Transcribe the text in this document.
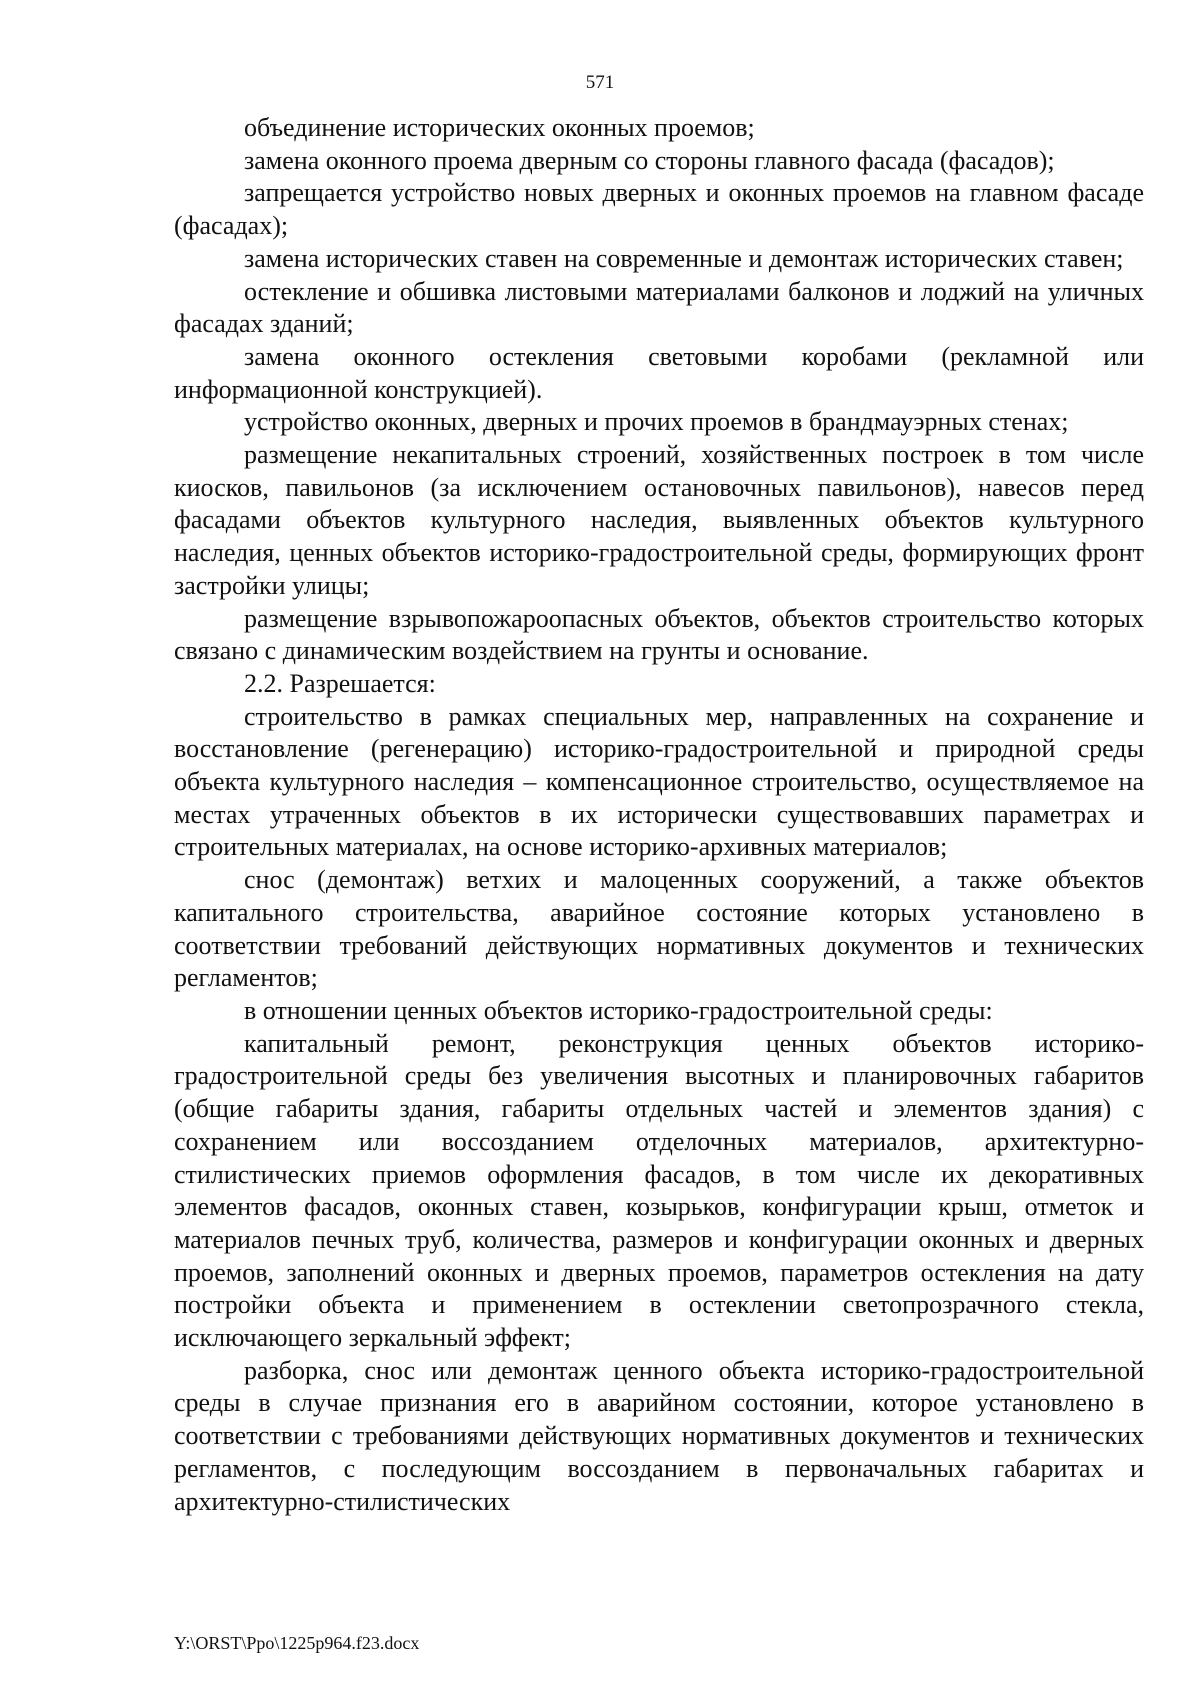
571

объединение исторических оконных проемов;

замена оконного проема дверным со стороны главного фасада (фасадов);

запрещается устройство новых дверных и оконных проемов на главном фасаде (фасадах);

замена исторических ставен на современные и демонтаж исторических ставен;

остекление и обшивка листовыми материалами балконов и лоджий на уличных фасадах зданий;

замена оконного остекления световыми коробами (рекламной или информационной конструкцией).

устройство оконных, дверных и прочих проемов в брандмауэрных стенах;

размещение некапитальных строений, хозяйственных построек в том числе киосков, павильонов (за исключением остановочных павильонов), навесов перед фасадами объектов культурного наследия, выявленных объектов культурного наследия, ценных объектов историко-градостроительной среды, формирующих фронт застройки улицы;

размещение взрывопожароопасных объектов, объектов строительство которых связано с динамическим воздействием на грунты и основание.

2.2. Разрешается:

строительство в рамках специальных мер, направленных на сохранение и восстановление (регенерацию) историко-градостроительной и природной среды объекта культурного наследия – компенсационное строительство, осуществляемое на местах утраченных объектов в их исторически существовавших параметрах и строительных материалах, на основе историко-архивных материалов;

снос (демонтаж) ветхих и малоценных сооружений, а также объектов капитального строительства, аварийное состояние которых установлено в соответствии требований действующих нормативных документов и технических регламентов;

в отношении ценных объектов историко-градостроительной среды:

капитальный ремонт, реконструкция ценных объектов историко-градостроительной среды без увеличения высотных и планировочных габаритов (общие габариты здания, габариты отдельных частей и элементов здания) с сохранением или воссозданием отделочных материалов, архитектурно- стилистических приемов оформления фасадов, в том числе их декоративных элементов фасадов, оконных ставен, козырьков, конфигурации крыш, отметок и материалов печных труб, количества, размеров и конфигурации оконных и дверных проемов, заполнений оконных и дверных проемов, параметров остекления на дату постройки объекта и применением в остеклении светопрозрачного стекла, исключающего зеркальный эффект;

разборка, снос или демонтаж ценного объекта историко-градостроительной среды в случае признания его в аварийном состоянии, которое установлено в соответствии с требованиями действующих нормативных документов и технических регламентов, с последующим воссозданием в первоначальных габаритах и архитектурно-стилистических

Y:\ORST\Ppo\1225p964.f23.docx
